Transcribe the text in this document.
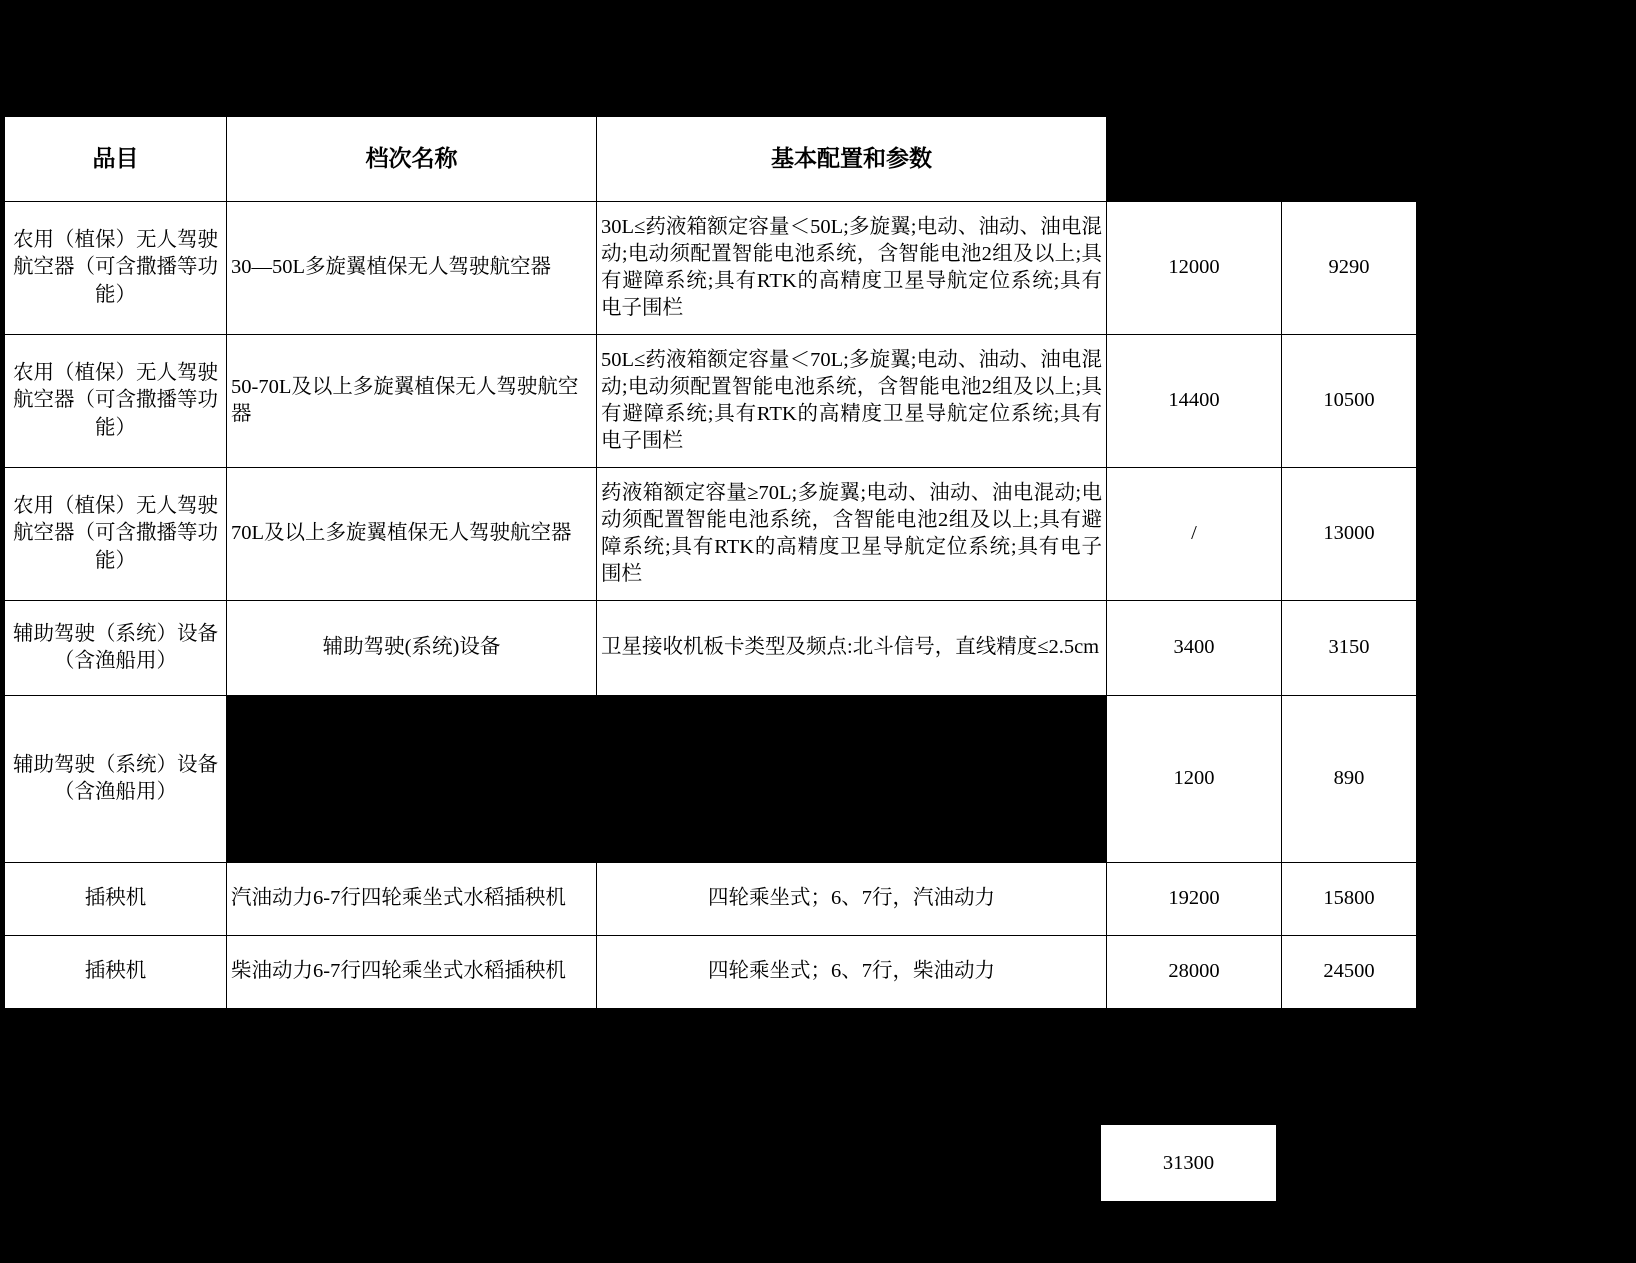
品目	档次名称	基本配置和参数		
农用（植保）无人驾驶航空器（可含撒播等功能）	30—50L多旋翼植保无人驾驶航空器	30L≤药液箱额定容量＜50L;多旋翼;电动、油动、油电混动;电动须配置智能电池系统，含智能电池2组及以上;具有避障系统;具有RTK的高精度卫星导航定位系统;具有电子围栏	12000	9290
农用（植保）无人驾驶航空器（可含撒播等功能）	50-70L及以上多旋翼植保无人驾驶航空器	50L≤药液箱额定容量＜70L;多旋翼;电动、油动、油电混动;电动须配置智能电池系统，含智能电池2组及以上;具有避障系统;具有RTK的高精度卫星导航定位系统;具有电子围栏	14400	10500
农用（植保）无人驾驶航空器（可含撒播等功能）	70L及以上多旋翼植保无人驾驶航空器	药液箱额定容量≥70L;多旋翼;电动、油动、油电混动;电动须配置智能电池系统，含智能电池2组及以上;具有避障系统;具有RTK的高精度卫星导航定位系统;具有电子围栏	/	13000
辅助驾驶（系统）设备（含渔船用）	辅助驾驶(系统)设备	卫星接收机板卡类型及频点:北斗信号，直线精度≤2.5cm	3400	3150
辅助驾驶（系统）设备（含渔船用）			1200	890
插秧机	汽油动力6-7行四轮乘坐式水稻插秧机	四轮乘坐式；6、7行，汽油动力	19200	15800
插秧机	柴油动力6-7行四轮乘坐式水稻插秧机	四轮乘坐式；6、7行，柴油动力	28000	24500
31300
